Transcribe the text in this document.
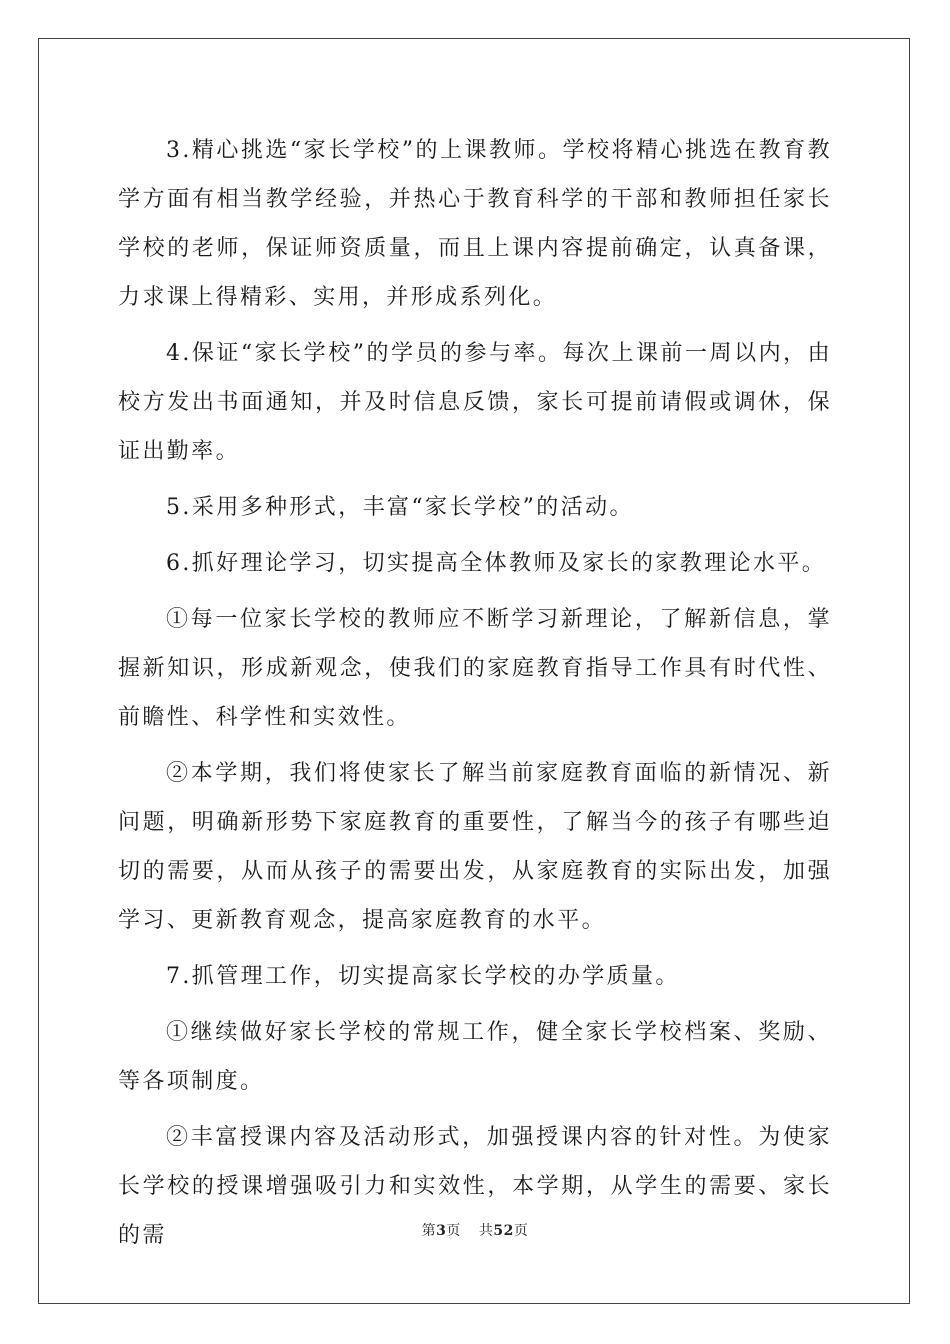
3.精心挑选“家长学校”的上课教师。学校将精心挑选在教育教学方面有相当教学经验，并热心于教育科学的干部和教师担任家长学校的老师，保证师资质量，而且上课内容提前确定，认真备课，力求课上得精彩、实用，并形成系列化。

4.保证“家长学校”的学员的参与率。每次上课前一周以内，由校方发出书面通知，并及时信息反馈，家长可提前请假或调休，保证出勤率。

5.采用多种形式，丰富“家长学校”的活动。

6.抓好理论学习，切实提高全体教师及家长的家教理论水平。

①每一位家长学校的教师应不断学习新理论，了解新信息，掌握新知识，形成新观念，使我们的家庭教育指导工作具有时代性、前瞻性、科学性和实效性。

②本学期，我们将使家长了解当前家庭教育面临的新情况、新问题，明确新形势下家庭教育的重要性，了解当今的孩子有哪些迫切的需要，从而从孩子的需要出发，从家庭教育的实际出发，加强学习、更新教育观念，提高家庭教育的水平。

7.抓管理工作，切实提高家长学校的办学质量。

①继续做好家长学校的常规工作，健全家长学校档案、奖励、等各项制度。

②丰富授课内容及活动形式，加强授课内容的针对性。为使家长学校的授课增强吸引力和实效性，本学期，从学生的需要、家长的需	第3页 共52页
